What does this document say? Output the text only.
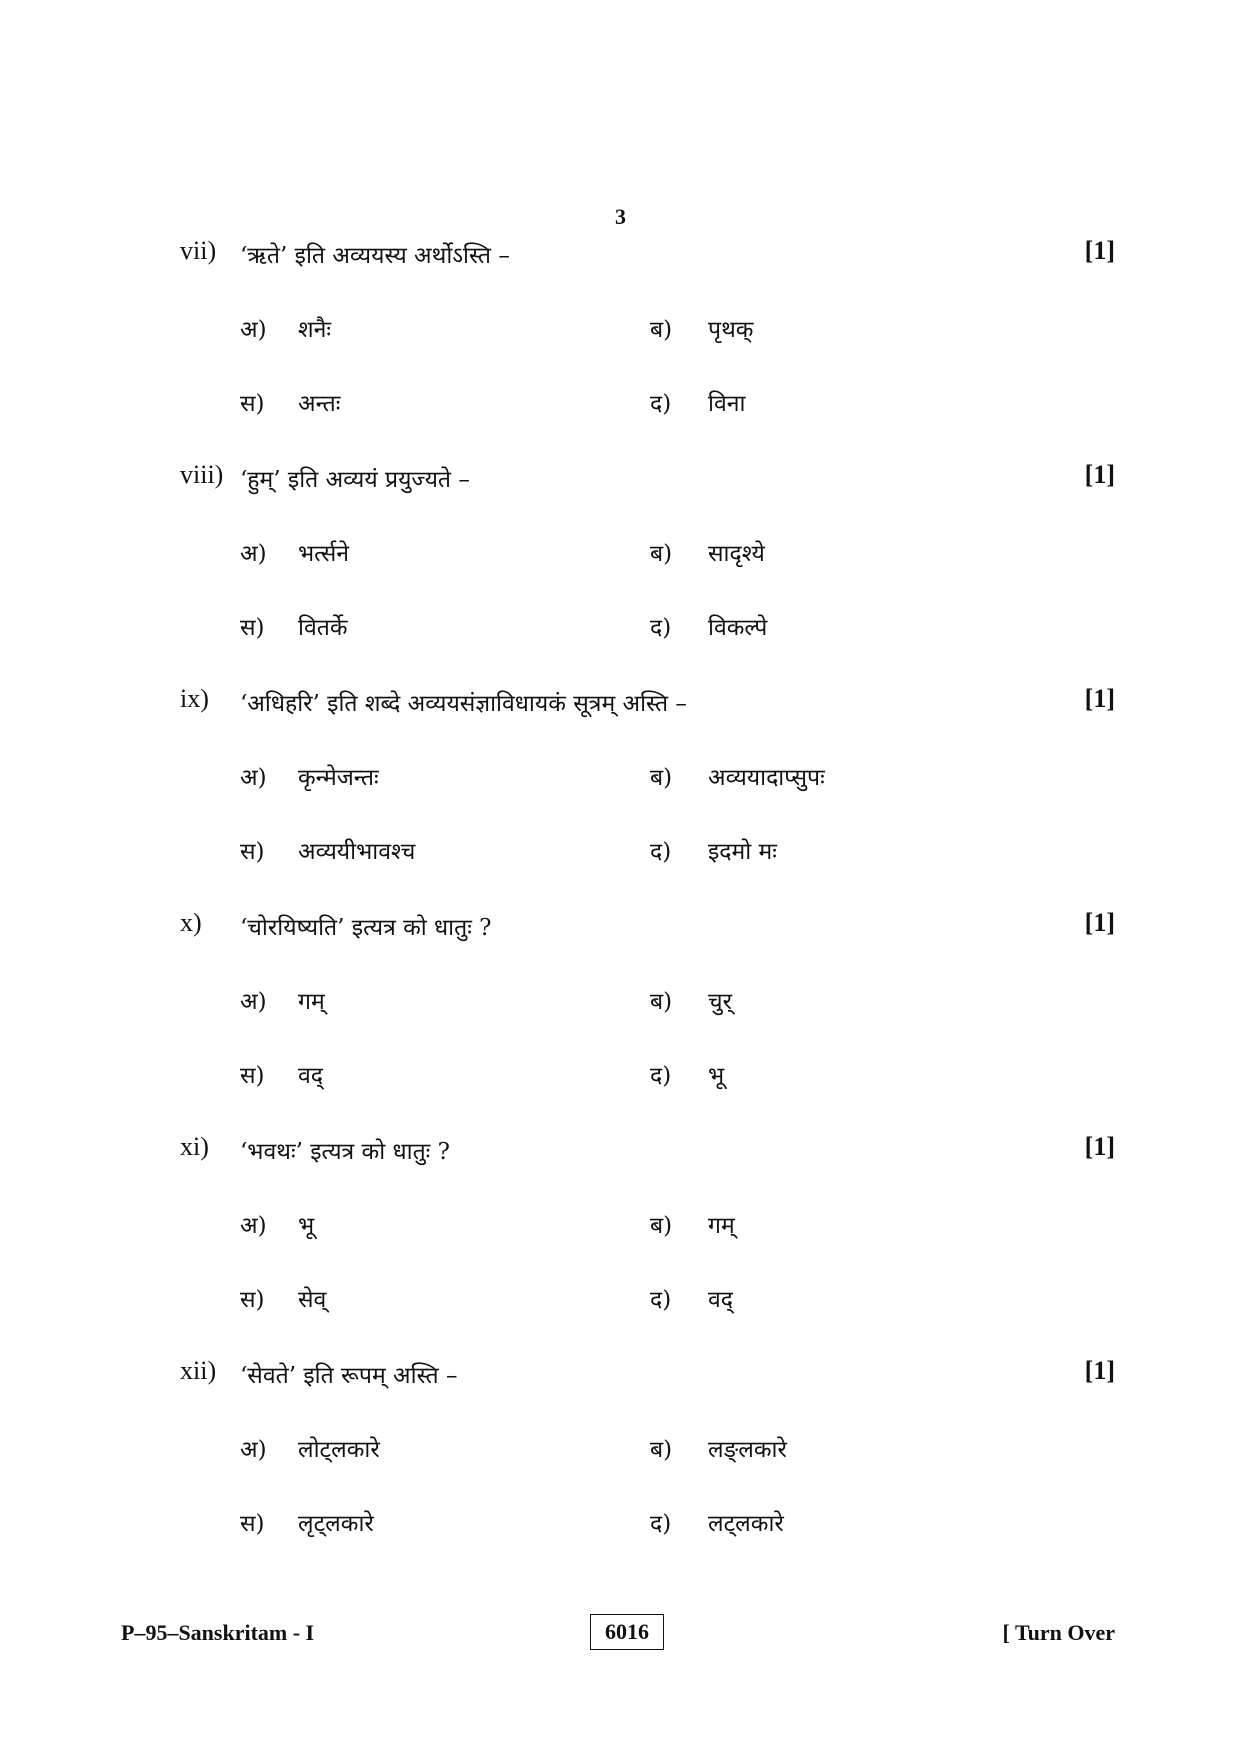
3
vii) ‘ऋते’ इति अव्ययस्य अर्थोऽस्ति –	[1]
अ) शनैः	ब) पृथक्
स) अन्तः	द) विना
viii) ‘हुम्’ इति अव्ययं प्रयुज्यते –	[1]
अ) भर्त्सने	ब) सादृश्ये
स) वितर्के	द) विकल्पे
ix) ‘अधिहरि’ इति शब्दे अव्ययसंज्ञाविधायकं सूत्रम् अस्ति –	[1]
अ) कृन्मेजन्तः	ब) अव्ययादाप्सुपः
स) अव्ययीभावश्च	द) इदमो मः
x) ‘चोरयिष्यति’ इत्यत्र को धातुः ?	[1]
अ) गम्	ब) चुर्
स) वद्	द) भू
xi) ‘भवथः’ इत्यत्र को धातुः ?	[1]
अ) भू	ब) गम्
स) सेव्	द) वद्
xii) ‘सेवते’ इति रूपम् अस्ति –	[1]
अ) लोट्लकारे	ब) लङ्लकारे
स) लृट्लकारे	द) लट्लकारे
P–95–Sanskritam - I	6016	[ Turn Over
